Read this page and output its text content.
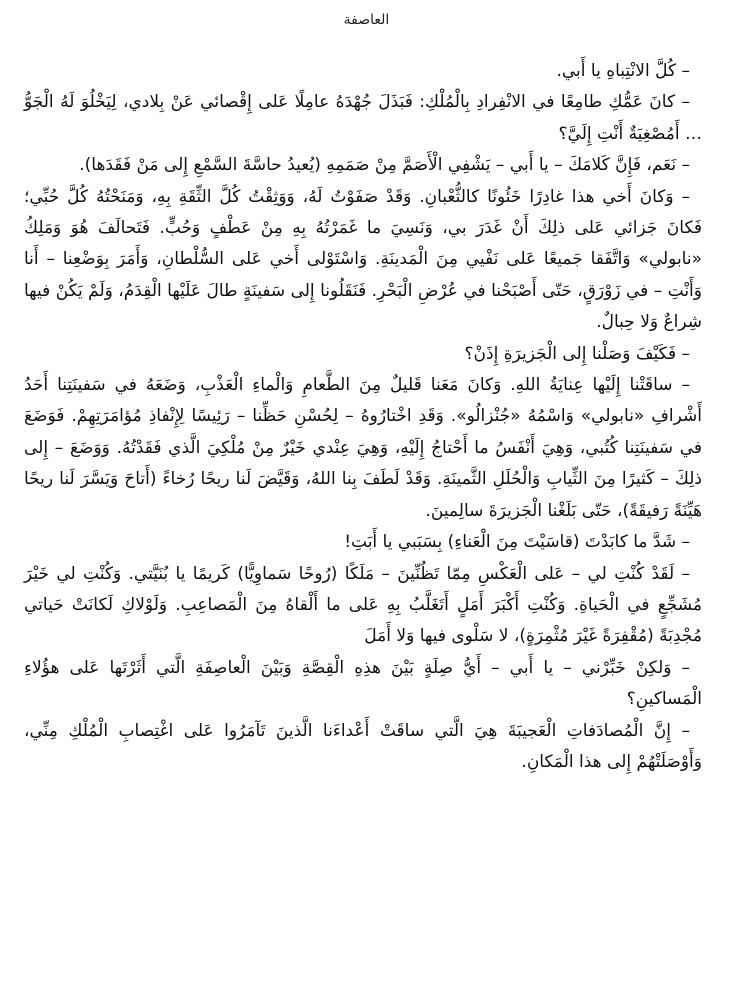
العاصفة

– كُلَّ الانْتِباهِ يا أَبي.

– كانَ عَمُّكِ طامِعًا في الانْفِرادِ بِالْمُلْكِ: فَبَذَلَ جُهْدَهُ عامِلًا عَلى إِقْصائي عَنْ بِلادي، لِيَخْلُوَ لَهُ الْجَوُّ … أَمُصْغِيَةٌ أَنْتِ إِلَيَّ؟

– نَعَم، فَإِنَّ كَلامَكَ – يا أَبي – يَشْفِي الْأَصَمَّ مِنْ صَمَمِهِ (يُعيدُ حاسَّةَ السَّمْعِ إِلى مَنْ فَقَدَها).

– وَكانَ أَخي هذا غادِرًا خَئُونًا كالثُّعْبانِ. وَقَدْ صَفَوْتُ لَهُ، وَوَثِقْتُ كُلَّ الثِّقَةِ بِهِ، وَمَنَحْتُهُ كُلَّ حُبِّي؛ فَكانَ جَزائي عَلى ذلِكَ أَنْ غَدَرَ بي، وَنَسِيَ ما غَمَرْتُهُ بِهِ مِنْ عَطْفٍ وَحُبٍّ. فَتَحالَفَ هُوَ وَمَلِكُ «نابولي» وَاتَّفَقا جَميعًا عَلى نَفْيي مِنَ الْمَدينَةِ. وَاسْتَوْلى أَخي عَلى السُّلْطانِ، وَأَمَرَ بِوَضْعِنا – أَنا وَأَنْتِ – في زَوْرَقٍ، حَتّى أَصْبَحْنا في عُرْضِ الْبَحْرِ. فَنَقَلُونا إِلى سَفينَةٍ طالَ عَلَيْها الْقِدَمُ، وَلَمْ يَكُنْ فيها شِراعٌ وَلا حِبالٌ.

– فَكَيْفَ وَصَلْنا إِلى الْجَزيرَةِ إِذَنْ؟

– ساقَتْنا إِلَيْها عِنايَةُ اللهِ. وَكانَ مَعَنا قَليلٌ مِنَ الطَّعامِ وَالْماءِ الْعَذْبِ، وَضَعَهُ في سَفينَتِنا أَحَدُ أَشْرافِ «نابولي» وَاسْمُهُ «جُنْزالُو». وَقَدِ اخْتارُوهُ – لِحُسْنِ حَظِّنا – رَئِيسًا لِإِنْفاذِ مُؤامَرَتِهِمْ. فَوَضَعَ في سَفينَتِنا كُتُبي، وَهِيَ أَنْفَسُ ما أَحْتاجُ إِلَيْهِ، وَهِيَ عِنْدي خَيْرٌ مِنْ مُلْكِيَ الَّذي فَقَدْتُهُ. وَوَضَعَ – إِلى ذلِكَ – كَثيرًا مِنَ الثِّيابِ وَالْحُلَلِ الثَّمينَةِ. وَقَدْ لَطَفَ بِنا اللهُ، وَقَيَّضَ لَنا ريحًا رُخاءً (أَتاحَ وَيَسَّرَ لَنا ريحًا هَيِّنَةً رَفيقَةً)، حَتّى بَلَغْنا الْجَزيرَةَ سالِمينَ.

– شَدَّ ما كابَدْتَ (قاسَيْتَ مِنَ الْعَناءِ) بِسَبَبي يا أَبَتِ!

– لَقَدْ كُنْتِ لي – عَلى الْعَكْسِ مِمّا تَظُنِّينَ – مَلَكًا (رُوحًا سَماوِيًّا) كَريمًا يا بُنَيَّتي. وَكُنْتِ لي خَيْرَ مُشَجِّعٍ في الْحَياةِ. وَكُنْتِ أَكْبَرَ أَمَلٍ أَتَغَلَّبُ بِهِ عَلى ما أَلْقاهُ مِنَ الْمَصاعِبِ. وَلَوْلاكِ لَكانَتْ حَياتي مُجْدِبَةً (مُقْفِرَةً غَيْرَ مُثْمِرَةٍ)، لا سَلْوى فيها وَلا أَمَلَ

– وَلكِنْ خَبِّرْني – يا أَبي – أَيُّ صِلَةٍ بَيْنَ هذِهِ الْقِصَّةِ وَبَيْنَ الْعاصِفَةِ الَّتي أَثَرْتَها عَلى هؤُلاءِ الْمَساكينِ؟

– إِنَّ الْمُصادَفاتِ الْعَجيبَةَ هِيَ الَّتي ساقَتْ أَعْداءَنا الَّذينَ تَآمَرُوا عَلى اغْتِصابِ الْمُلْكِ مِنِّي، وَأَوْصَلَتْهُمْ إِلى هذا الْمَكانِ.
